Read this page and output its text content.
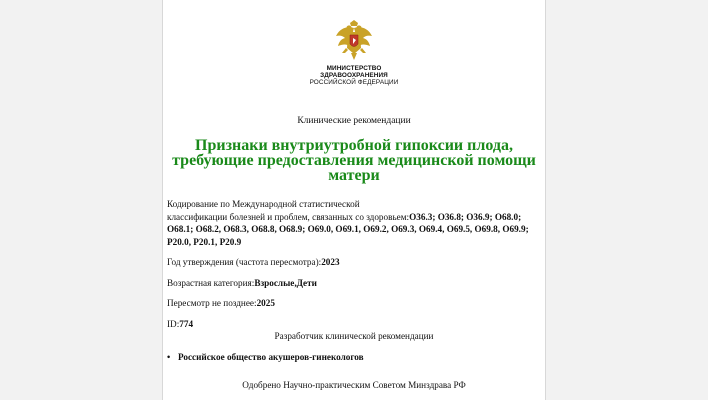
МИНИСТЕРСТВО
ЗДРАВООХРАНЕНИЯ
РОССИЙСКОЙ ФЕДЕРАЦИИ
Клинические рекомендации
Признаки внутриутробной гипоксии плода, требующие предоставления медицинской помощи матери
Кодирование по Международной статистической
классификации болезней и проблем, связанных со здоровьем:O36.3; O36.8; O36.9; O68.0;
O68.1; O68.2, O68.3, O68.8, O68.9; O69.0, O69.1, O69.2, O69.3, O69.4, O69.5, O69.8, O69.9;
P20.0, P20.1, P20.9
Год утверждения (частота пересмотра):2023
Возрастная категория:Взрослые,Дети
Пересмотр не позднее:2025
ID:774
Разработчик клинической рекомендации
• Российское общество акушеров-гинекологов
Одобрено Научно-практическим Советом Минздрава РФ
